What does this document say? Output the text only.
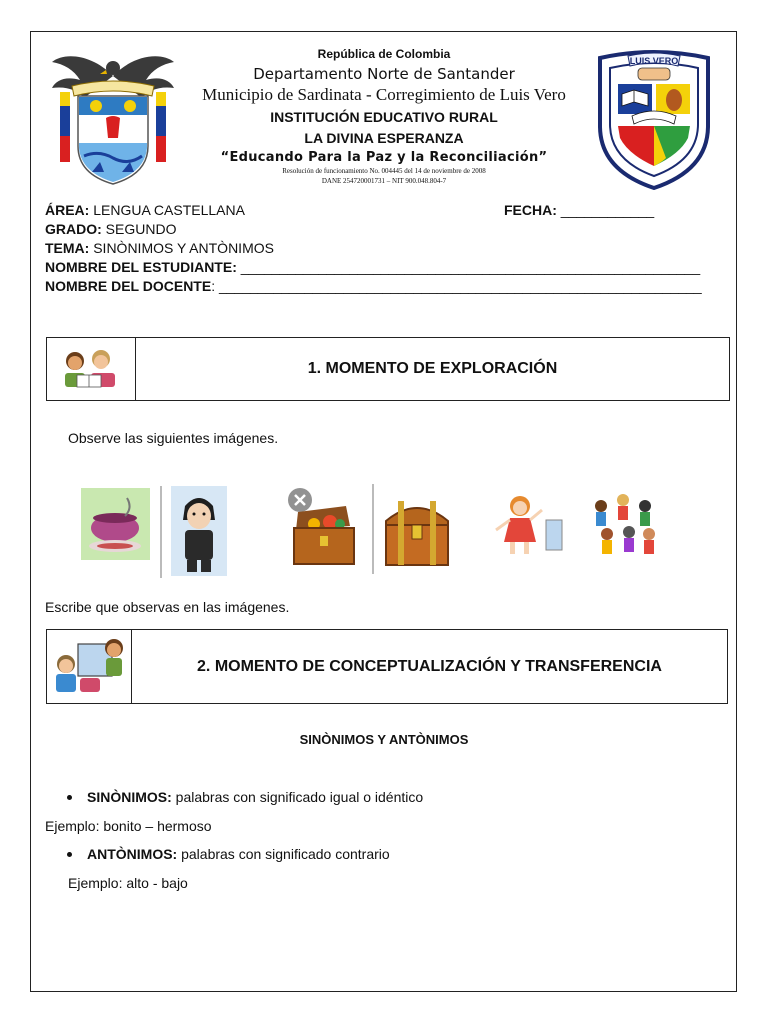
LUIS VERO
República de Colombia
Departamento Norte de Santander
Municipio de Sardinata - Corregimiento de Luis Vero
INSTITUCIÓN EDUCATIVO RURAL
LA DIVINA ESPERANZA
“Educando Para la Paz y la Reconciliación”
Resolución de funcionamiento No. 004445 del 14 de noviembre de 2008
DANE 254720001731 – NIT 900.048.804-7
ÁREA: LENGUA CASTELLANA	FECHA: ____________
GRADO: SEGUNDO
TEMA: SINÒNIMOS Y ANTÒNIMOS
NOMBRE DEL ESTUDIANTE: ___________________________________________________________
NOMBRE DEL DOCENTE: ______________________________________________________________
1. MOMENTO DE EXPLORACIÓN
Observe las siguientes imágenes.
Escribe que observas en las imágenes.
2. MOMENTO DE CONCEPTUALIZACIÓN Y TRANSFERENCIA
SINÒNIMOS Y ANTÒNIMOS
SINÒNIMOS: palabras con significado igual o idéntico
Ejemplo: bonito – hermoso
ANTÒNIMOS: palabras con significado contrario
Ejemplo: alto - bajo
